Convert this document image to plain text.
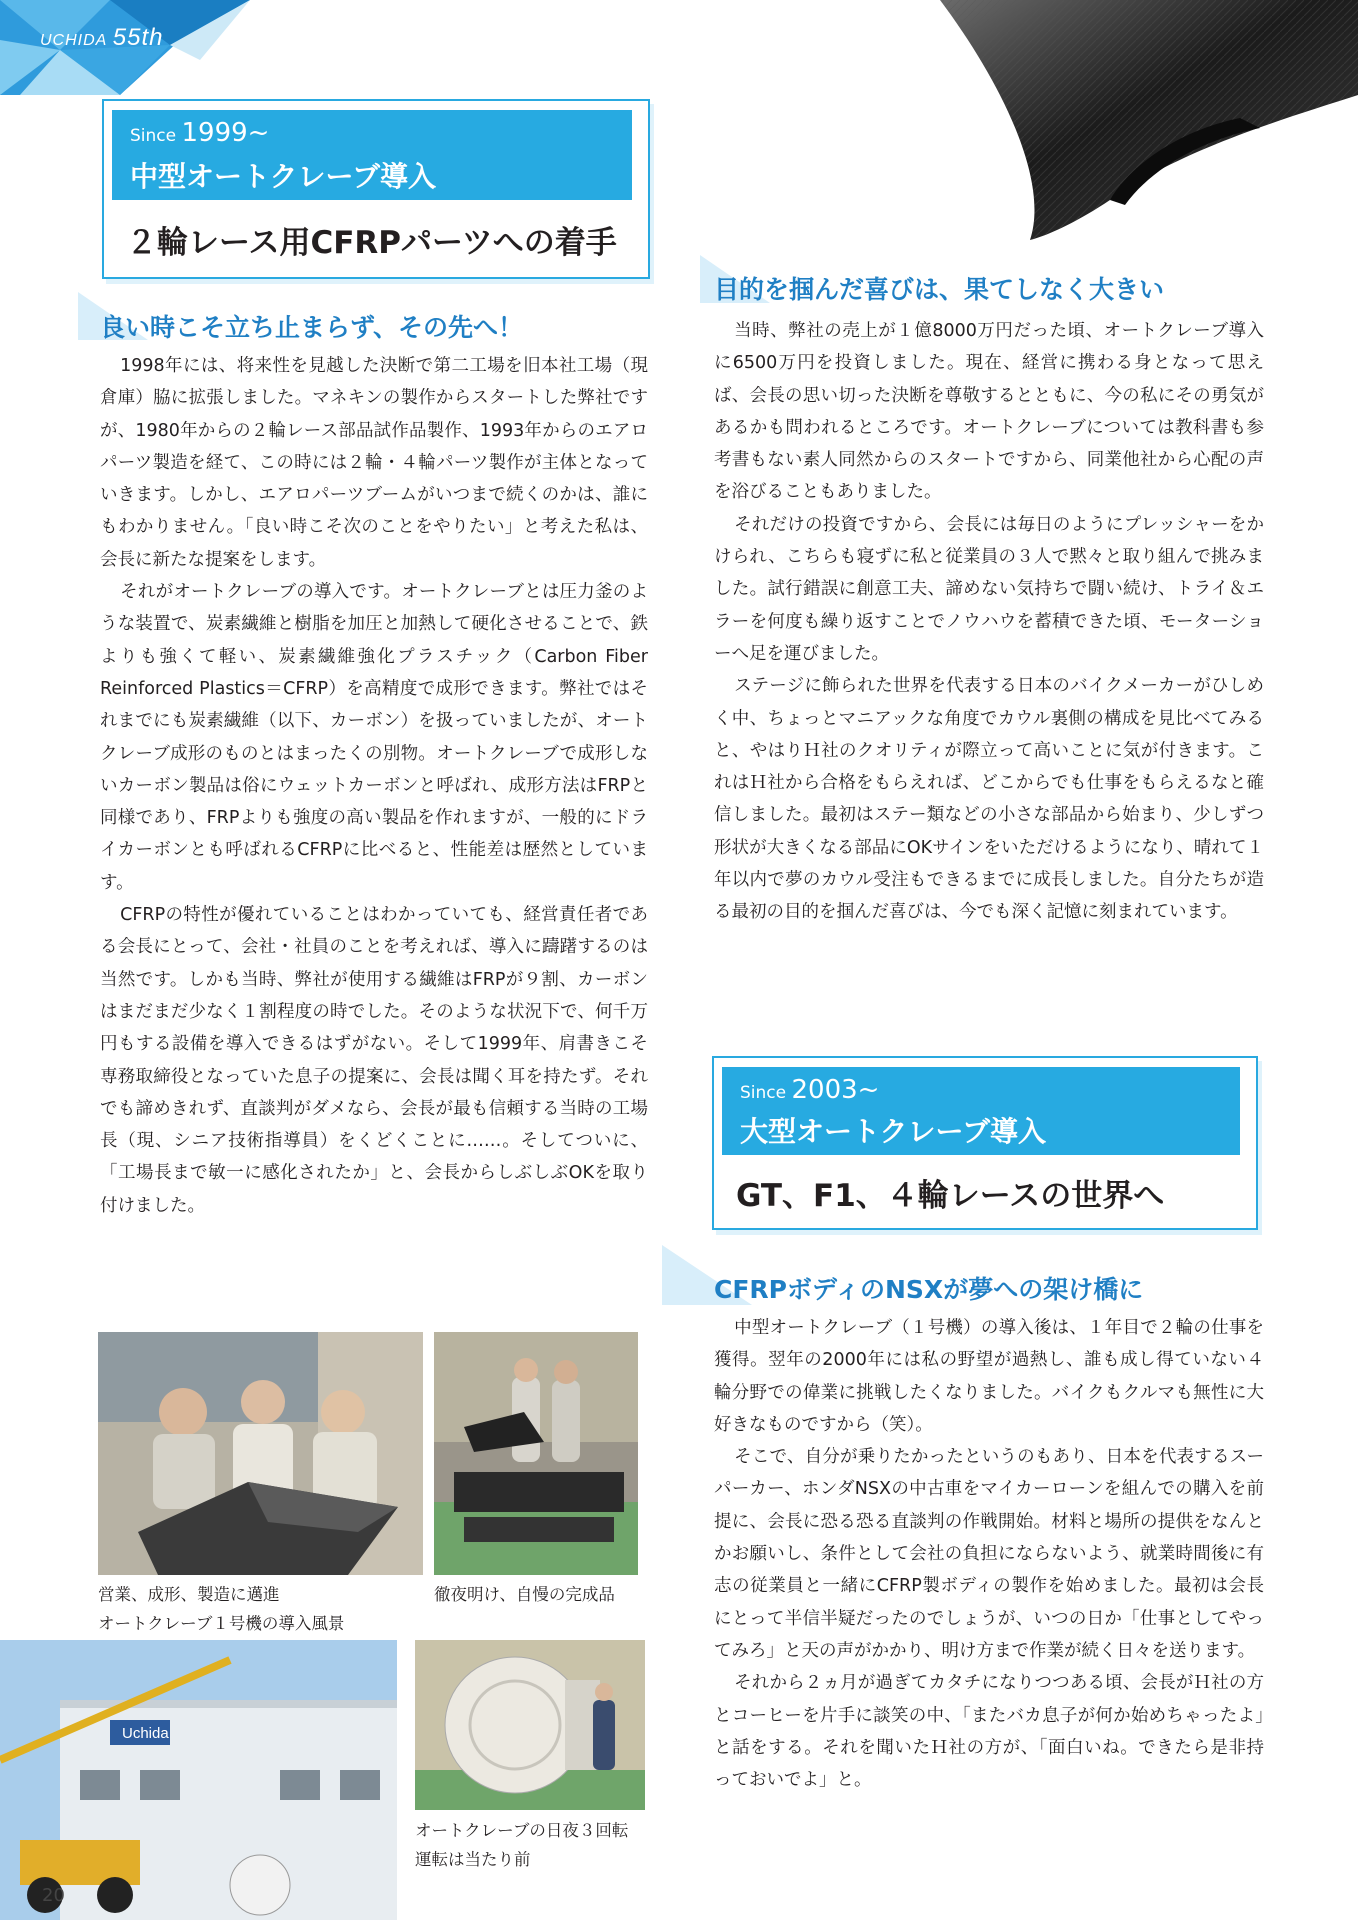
UCHIDA 55th
Since 1999~
中型オートクレーブ導入
２輪レース用CFRPパーツへの着手
良い時こそ立ち止まらず、その先へ！

1998年には、将来性を見越した決断で第二工場を旧本社工場（現倉庫）脇に拡張しました。マネキンの製作からスタートした弊社ですが、1980年からの２輪レース部品試作品製作、1993年からのエアロパーツ製造を経て、この時には２輪・４輪パーツ製作が主体となっていきます。しかし、エアロパーツブームがいつまで続くのかは、誰にもわかりません。「良い時こそ次のことをやりたい」と考えた私は、会長に新たな提案をします。

それがオートクレーブの導入です。オートクレーブとは圧力釜のような装置で、炭素繊維と樹脂を加圧と加熱して硬化させることで、鉄よりも強くて軽い、炭素繊維強化プラスチック（Carbon Fiber Reinforced Plastics＝CFRP）を高精度で成形できます。弊社ではそれまでにも炭素繊維（以下、カーボン）を扱っていましたが、オートクレーブ成形のものとはまったくの別物。オートクレーブで成形しないカーボン製品は俗にウェットカーボンと呼ばれ、成形方法はFRPと同様であり、FRPよりも強度の高い製品を作れますが、一般的にドライカーボンとも呼ばれるCFRPに比べると、性能差は歴然としています。

CFRPの特性が優れていることはわかっていても、経営責任者である会長にとって、会社・社員のことを考えれば、導入に躊躇するのは当然です。しかも当時、弊社が使用する繊維はFRPが９割、カーボンはまだまだ少なく１割程度の時でした。そのような状況下で、何千万円もする設備を導入できるはずがない。そして1999年、肩書きこそ専務取締役となっていた息子の提案に、会長は聞く耳を持たず。それでも諦めきれず、直談判がダメなら、会長が最も信頼する当時の工場長（現、シニア技術指導員）をくどくことに……。そしてついに、「工場長まで敏一に感化されたか」と、会長からしぶしぶOKを取り付けました。

目的を掴んだ喜びは、果てしなく大きい

当時、弊社の売上が１億8000万円だった頃、オートクレーブ導入に6500万円を投資しました。現在、経営に携わる身となって思えば、会長の思い切った決断を尊敬するとともに、今の私にその勇気があるかも問われるところです。オートクレーブについては教科書も参考書もない素人同然からのスタートですから、同業他社から心配の声を浴びることもありました。

それだけの投資ですから、会長には毎日のようにプレッシャーをかけられ、こちらも寝ずに私と従業員の３人で黙々と取り組んで挑みました。試行錯誤に創意工夫、諦めない気持ちで闘い続け、トライ＆エラーを何度も繰り返すことでノウハウを蓄積できた頃、モーターショーへ足を運びました。

ステージに飾られた世界を代表する日本のバイクメーカーがひしめく中、ちょっとマニアックな角度でカウル裏側の構成を見比べてみると、やはりＨ社のクオリティが際立って高いことに気が付きます。これはＨ社から合格をもらえれば、どこからでも仕事をもらえるなと確信しました。最初はステー類などの小さな部品から始まり、少しずつ形状が大きくなる部品にOKサインをいただけるようになり、晴れて１年以内で夢のカウル受注もできるまでに成長しました。自分たちが造る最初の目的を掴んだ喜びは、今でも深く記憶に刻まれています。

Since 2003~
大型オートクレーブ導入
GT、F1、４輪レースの世界へ
CFRPボディのNSXが夢への架け橋に

中型オートクレーブ（１号機）の導入後は、１年目で２輪の仕事を獲得。翌年の2000年には私の野望が過熱し、誰も成し得ていない４輪分野での偉業に挑戦したくなりました。バイクもクルマも無性に大好きなものですから（笑）。

そこで、自分が乗りたかったというのもあり、日本を代表するスーパーカー、ホンダNSXの中古車をマイカーローンを組んでの購入を前提に、会長に恐る恐る直談判の作戦開始。材料と場所の提供をなんとかお願いし、条件として会社の負担にならないよう、就業時間後に有志の従業員と一緒にCFRP製ボディの製作を始めました。最初は会長にとって半信半疑だったのでしょうが、いつの日か「仕事としてやってみろ」と天の声がかかり、明け方まで作業が続く日々を送ります。

それから２ヵ月が過ぎてカタチになりつつある頃、会長がＨ社の方とコーヒーを片手に談笑の中、「またバカ息子が何か始めちゃったよ」と話をする。それを聞いたＨ社の方が、「面白いね。できたら是非持っておいでよ」と。

営業、成形、製造に邁進
オートクレーブ１号機の導入風景
徹夜明け、自慢の完成品
Uchida
オートクレーブの日夜３回転
運転は当たり前
20
